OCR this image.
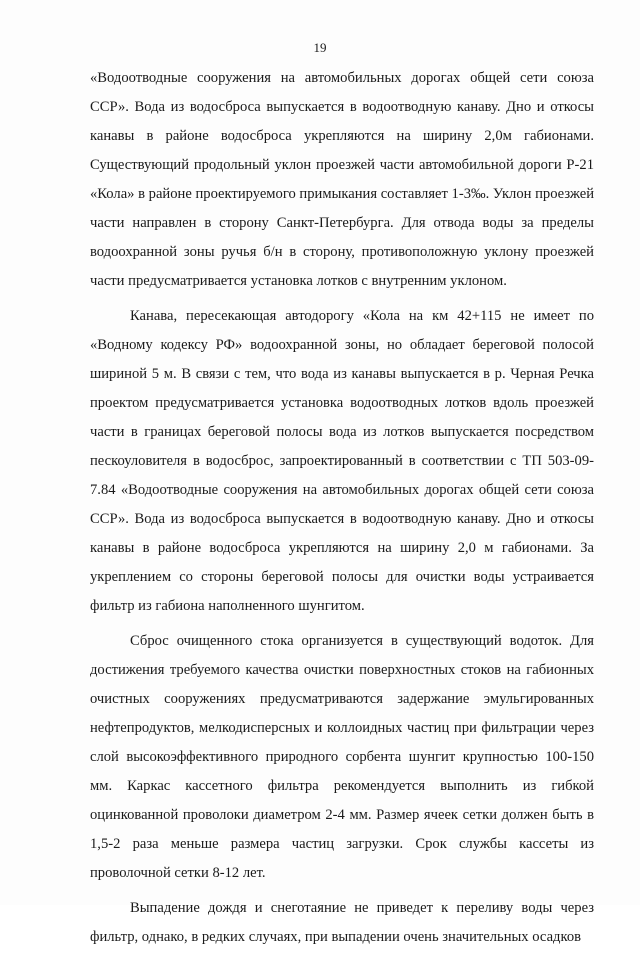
19

«Водоотводные сооружения на автомобильных дорогах общей сети союза ССР». Вода из водосброса выпускается в водоотводную канаву. Дно и откосы канавы в районе водосброса укрепляются на ширину 2,0м габионами. Существующий продольный уклон проезжей части автомобильной дороги Р-21 «Кола» в районе проектируемого примыкания составляет 1-3‰. Уклон проезжей части направлен в сторону Санкт-Петербурга. Для отвода воды за пределы водоохранной зоны ручья б/н в сторону, противоположную уклону проезжей части предусматривается установка лотков с внутренним уклоном.

Канава, пересекающая автодорогу «Кола на км 42+115 не имеет по «Водному кодексу РФ» водоохранной зоны, но обладает береговой полосой шириной 5 м. В связи с тем, что вода из канавы выпускается в р. Черная Речка проектом предусматривается установка водоотводных лотков вдоль проезжей части в границах береговой полосы вода из лотков выпускается посредством пескоуловителя в водосброс, запроектированный в соответствии с ТП 503-09-7.84 «Водоотводные сооружения на автомобильных дорогах общей сети союза ССР». Вода из водосброса выпускается в водоотводную канаву. Дно и откосы канавы в районе водосброса укрепляются на ширину 2,0 м габионами. За укреплением со стороны береговой полосы для очистки воды устраивается фильтр из габиона наполненного шунгитом.

Сброс очищенного стока организуется в существующий водоток. Для достижения требуемого качества очистки поверхностных стоков на габионных очистных сооружениях предусматриваются задержание эмульгированных нефтепродуктов, мелкодисперсных и коллоидных частиц при фильтрации через слой высокоэффективного природного сорбента шунгит крупностью 100-150 мм. Каркас кассетного фильтра рекомендуется выполнить из гибкой оцинкованной проволоки диаметром 2-4 мм. Размер ячеек сетки должен быть в 1,5-2 раза меньше размера частиц загрузки. Срок службы кассеты из проволочной сетки 8-12 лет.

Выпадение дождя и снеготаяние не приведет к переливу воды через фильтр, однако, в редких случаях, при выпадении очень значительных осадков
